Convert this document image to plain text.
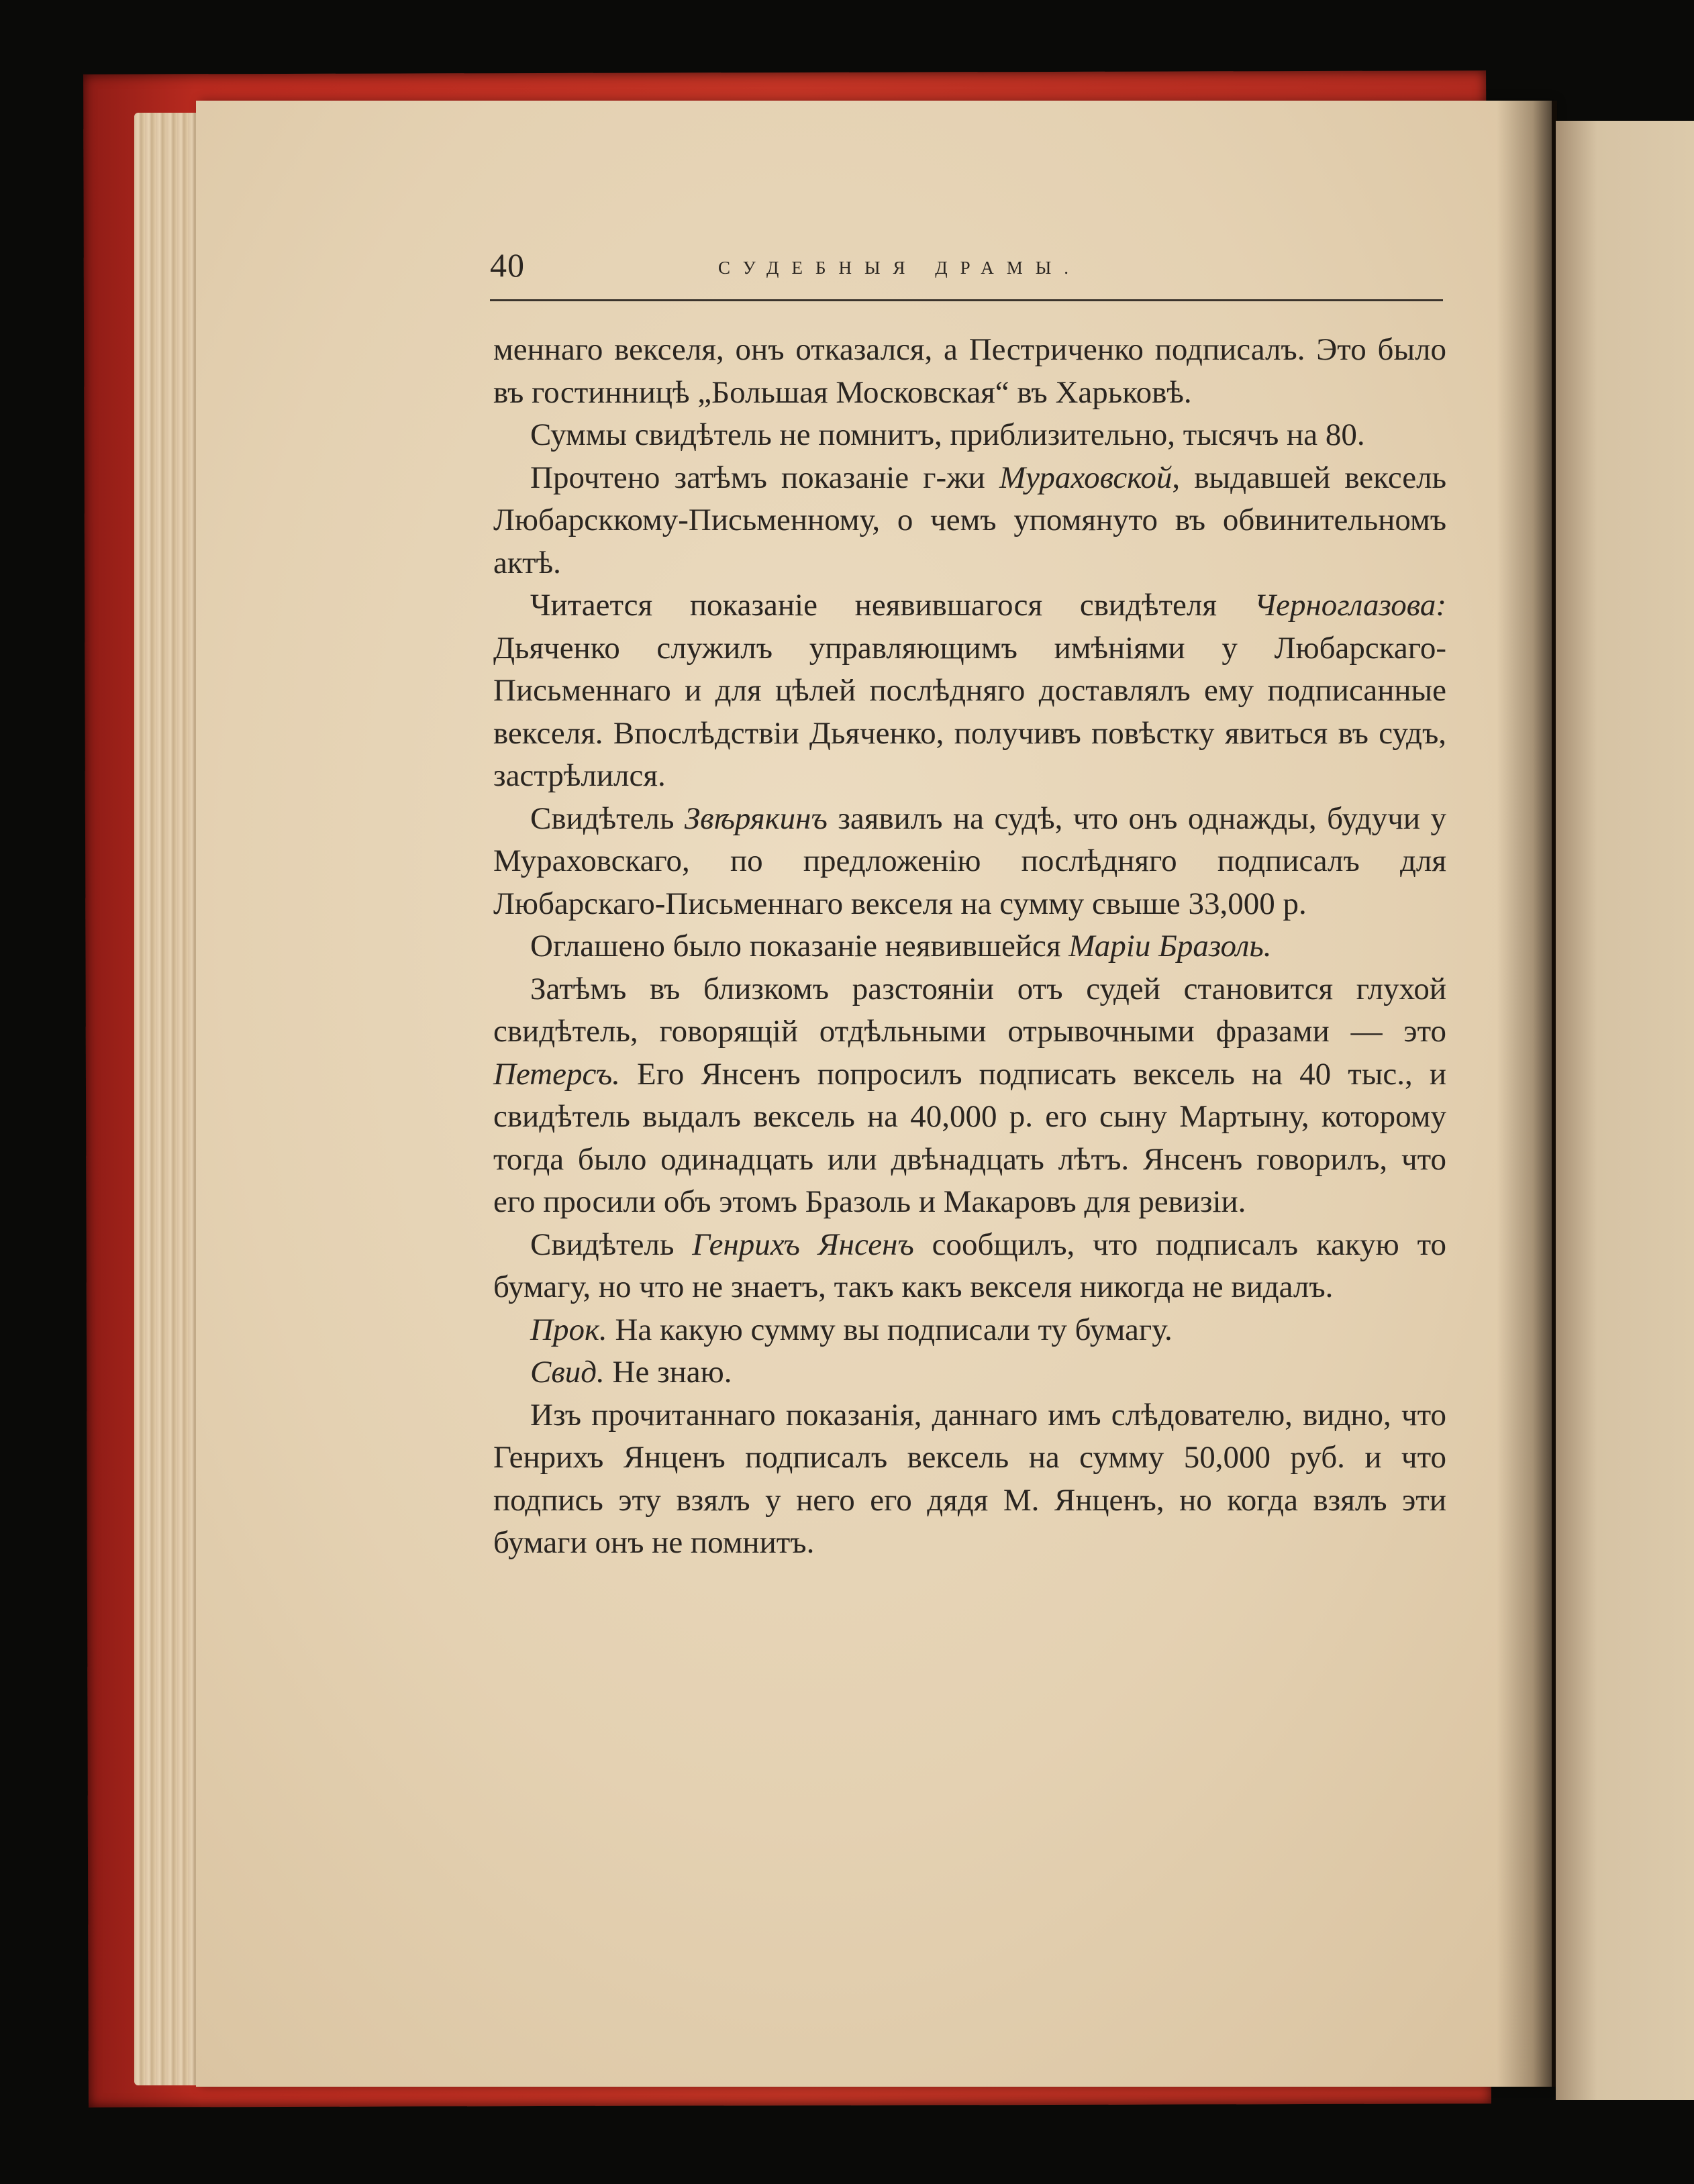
40	СУДЕБНЫЯ ДРАМЫ.

меннаго векселя, онъ отказался, а Пестриченко подписалъ. Это было въ гостинницѣ „Большая Московская“ въ Харьковѣ.

Суммы свидѣтель не помнитъ, приблизительно, тысячъ на 80.

Прочтено затѣмъ показанiе г-жи Мураховской, выдавшей вексель Любарсккому-Письменному, о чемъ упомянуто въ обвинительномъ актѣ.

Читается показанiе неявившагося свидѣтеля Черноглазова: Дьяченко служилъ управляющимъ имѣнiями у Любарскаго-Письменнаго и для цѣлей послѣдняго доставлялъ ему подписанные векселя. Впослѣдствiи Дьяченко, получивъ повѣстку явиться въ судъ, застрѣлился.

Свидѣтель Звѣрякинъ заявилъ на судѣ, что онъ однажды, будучи у Мураховскаго, по предложенiю послѣдняго подписалъ для Любарскаго-Письменнаго векселя на сумму свыше 33,000 р.

Оглашено было показанiе неявившейся Марiи Бразоль.

Затѣмъ въ близкомъ разстоянiи отъ судей становится глухой свидѣтель, говорящiй отдѣльными отрывочными фразами — это Петерсъ. Его Янсенъ попросилъ подписать вексель на 40 тыс., и свидѣтель выдалъ вексель на 40,000 р. его сыну Мартыну, которому тогда было одинадцать или двѣнадцать лѣтъ. Янсенъ говорилъ, что его просили объ этомъ Бразоль и Макаровъ для ревизiи.

Свидѣтель Генрихъ Янсенъ сообщилъ, что подписалъ какую то бумагу, но что не знаетъ, такъ какъ векселя никогда не видалъ.

Прок. На какую сумму вы подписали ту бумагу.

Свид. Не знаю.

Изъ прочитаннаго показанiя, даннаго имъ слѣдователю, видно, что Генрихъ Янценъ подписалъ вексель на сумму 50,000 руб. и что подпись эту взялъ у него его дядя М. Янценъ, но когда взялъ эти бумаги онъ не помнитъ.
